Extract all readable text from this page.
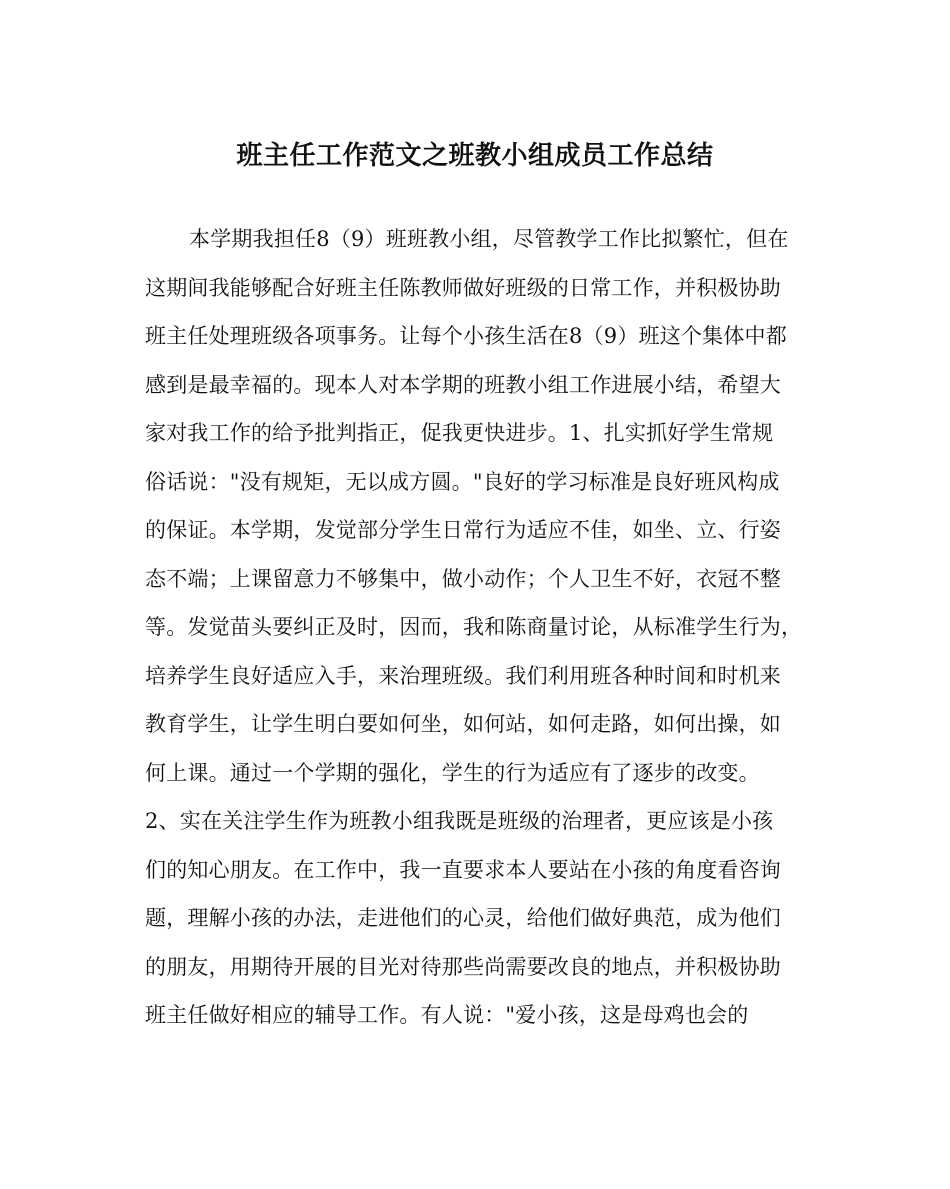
班主任工作范文之班教小组成员工作总结
本学期我担任8（9）班班教小组，尽管教学工作比拟繁忙，但在
这期间我能够配合好班主任陈教师做好班级的日常工作，并积极协助
班主任处理班级各项事务。让每个小孩生活在8（9）班这个集体中都
感到是最幸福的。现本人对本学期的班教小组工作进展小结，希望大
家对我工作的给予批判指正，促我更快进步。1、扎实抓好学生常规
俗话说："没有规矩，无以成方圆。"良好的学习标准是良好班风构成
的保证。本学期，发觉部分学生日常行为适应不佳，如坐、立、行姿
态不端；上课留意力不够集中，做小动作；个人卫生不好，衣冠不整
等。发觉苗头要纠正及时，因而，我和陈商量讨论，从标准学生行为，
培养学生良好适应入手，来治理班级。我们利用班各种时间和时机来
教育学生，让学生明白要如何坐，如何站，如何走路，如何出操，如
何上课。通过一个学期的强化，学生的行为适应有了逐步的改变。
2、实在关注学生作为班教小组我既是班级的治理者，更应该是小孩
们的知心朋友。在工作中，我一直要求本人要站在小孩的角度看咨询
题，理解小孩的办法，走进他们的心灵，给他们做好典范，成为他们
的朋友，用期待开展的目光对待那些尚需要改良的地点，并积极协助
班主任做好相应的辅导工作。有人说："爱小孩，这是母鸡也会的
